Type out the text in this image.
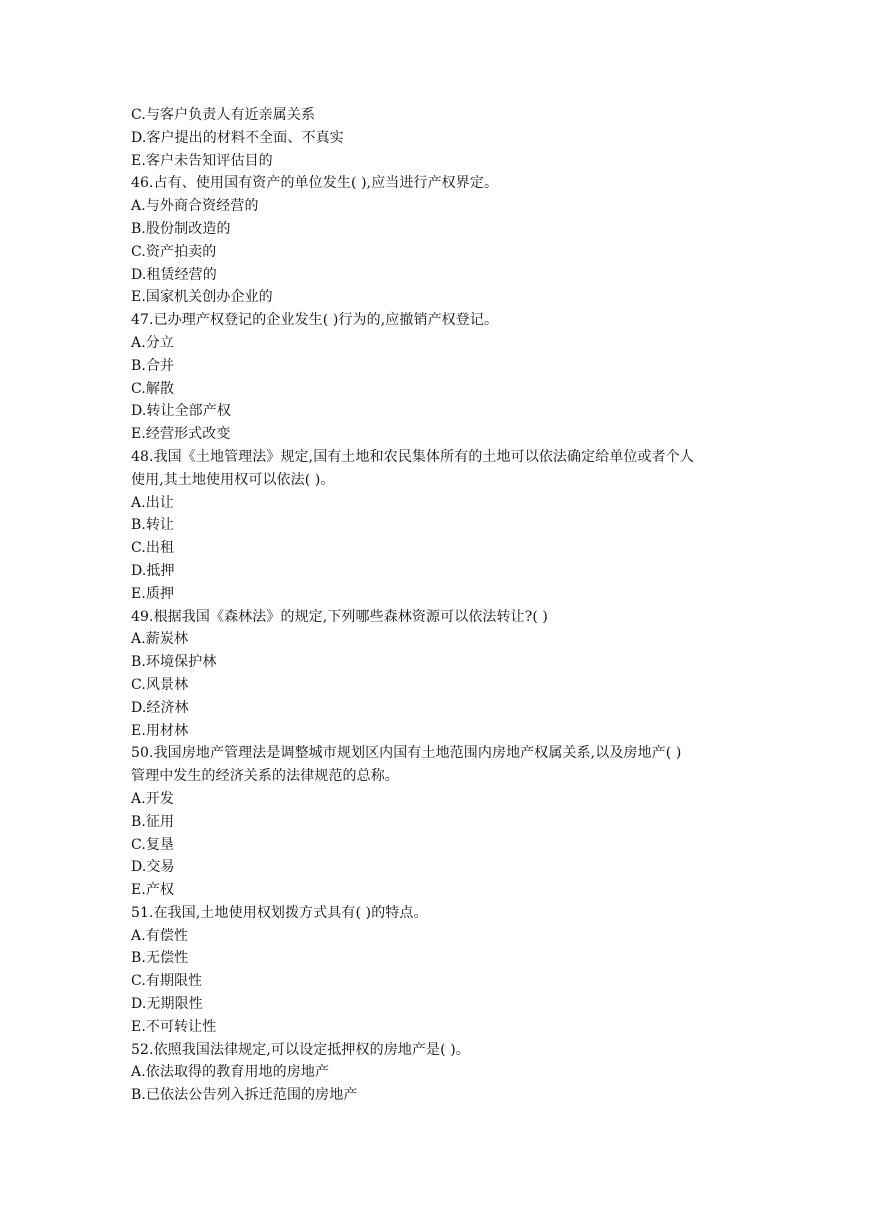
C.与客户负责人有近亲属关系
D.客户提出的材料不全面、不真实
E.客户未告知评估目的
46.占有、使用国有资产的单位发生( ),应当进行产权界定。
A.与外商合资经营的
B.股份制改造的
C.资产拍卖的
D.租赁经营的
E.国家机关创办企业的
47.已办理产权登记的企业发生( )行为的,应撤销产权登记。
A.分立
B.合并
C.解散
D.转让全部产权
E.经营形式改变
48.我国《土地管理法》规定,国有土地和农民集体所有的土地可以依法确定给单位或者个人
使用,其土地使用权可以依法( )。
A.出让
B.转让
C.出租
D.抵押
E.质押
49.根据我国《森林法》的规定,下列哪些森林资源可以依法转让?( )
A.薪炭林
B.环境保护林
C.风景林
D.经济林
E.用材林
50.我国房地产管理法是调整城市规划区内国有土地范围内房地产权属关系,以及房地产( )
管理中发生的经济关系的法律规范的总称。
A.开发
B.征用
C.复垦
D.交易
E.产权
51.在我国,土地使用权划拨方式具有( )的特点。
A.有偿性
B.无偿性
C.有期限性
D.无期限性
E.不可转让性
52.依照我国法律规定,可以设定抵押权的房地产是( )。
A.依法取得的教育用地的房地产
B.已依法公告列入拆迁范围的房地产
